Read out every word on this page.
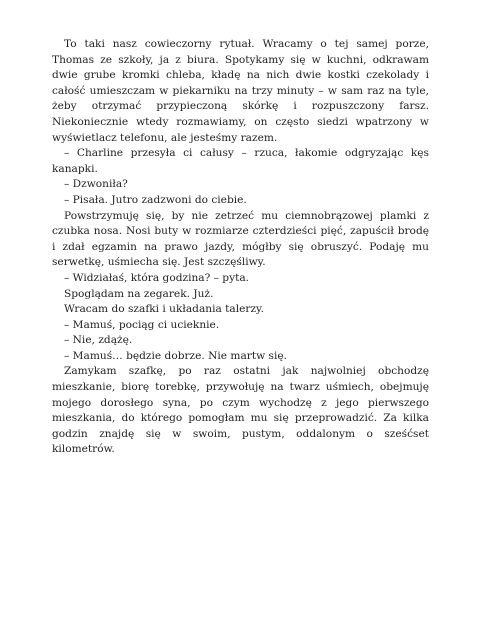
To taki nasz cowieczorny rytuał. Wracamy o tej samej porze, Thomas ze szkoły, ja z biura. Spotykamy się w kuchni, odkrawam dwie grube kromki chleba, kładę na nich dwie kostki czekolady i całość umieszczam w piekarniku na trzy minuty – w sam raz na tyle, żeby otrzymać przypieczoną skórkę i rozpuszczony farsz. Niekoniecznie wtedy rozmawiamy, on często siedzi wpatrzony w wyświetlacz telefonu, ale jesteśmy razem.

– Charline przesyła ci całusy – rzuca, łakomie odgryzając kęs kanapki.

– Dzwoniła?

– Pisała. Jutro zadzwoni do ciebie.

Powstrzymuję się, by nie zetrzeć mu ciemnobrązowej plamki z czubka nosa. Nosi buty w rozmiarze czterdzieści pięć, zapuścił brodę i zdał egzamin na prawo jazdy, mógłby się obruszyć. Podaję mu serwetkę, uśmiecha się. Jest szczęśliwy.

– Widziałaś, która godzina? – pyta.

Spoglądam na zegarek. Już.

Wracam do szafki i układania talerzy.

– Mamuś, pociąg ci ucieknie.

– Nie, zdążę.

– Mamuś… będzie dobrze. Nie martw się.

Zamykam szafkę, po raz ostatni jak najwolniej obchodzę mieszkanie, biorę torebkę, przywołuję na twarz uśmiech, obejmuję mojego dorosłego syna, po czym wychodzę z jego pierwszego mieszkania, do którego pomogłam mu się przeprowadzić. Za kilka godzin znajdę się w swoim, pustym, oddalonym o sześćset kilometrów.
